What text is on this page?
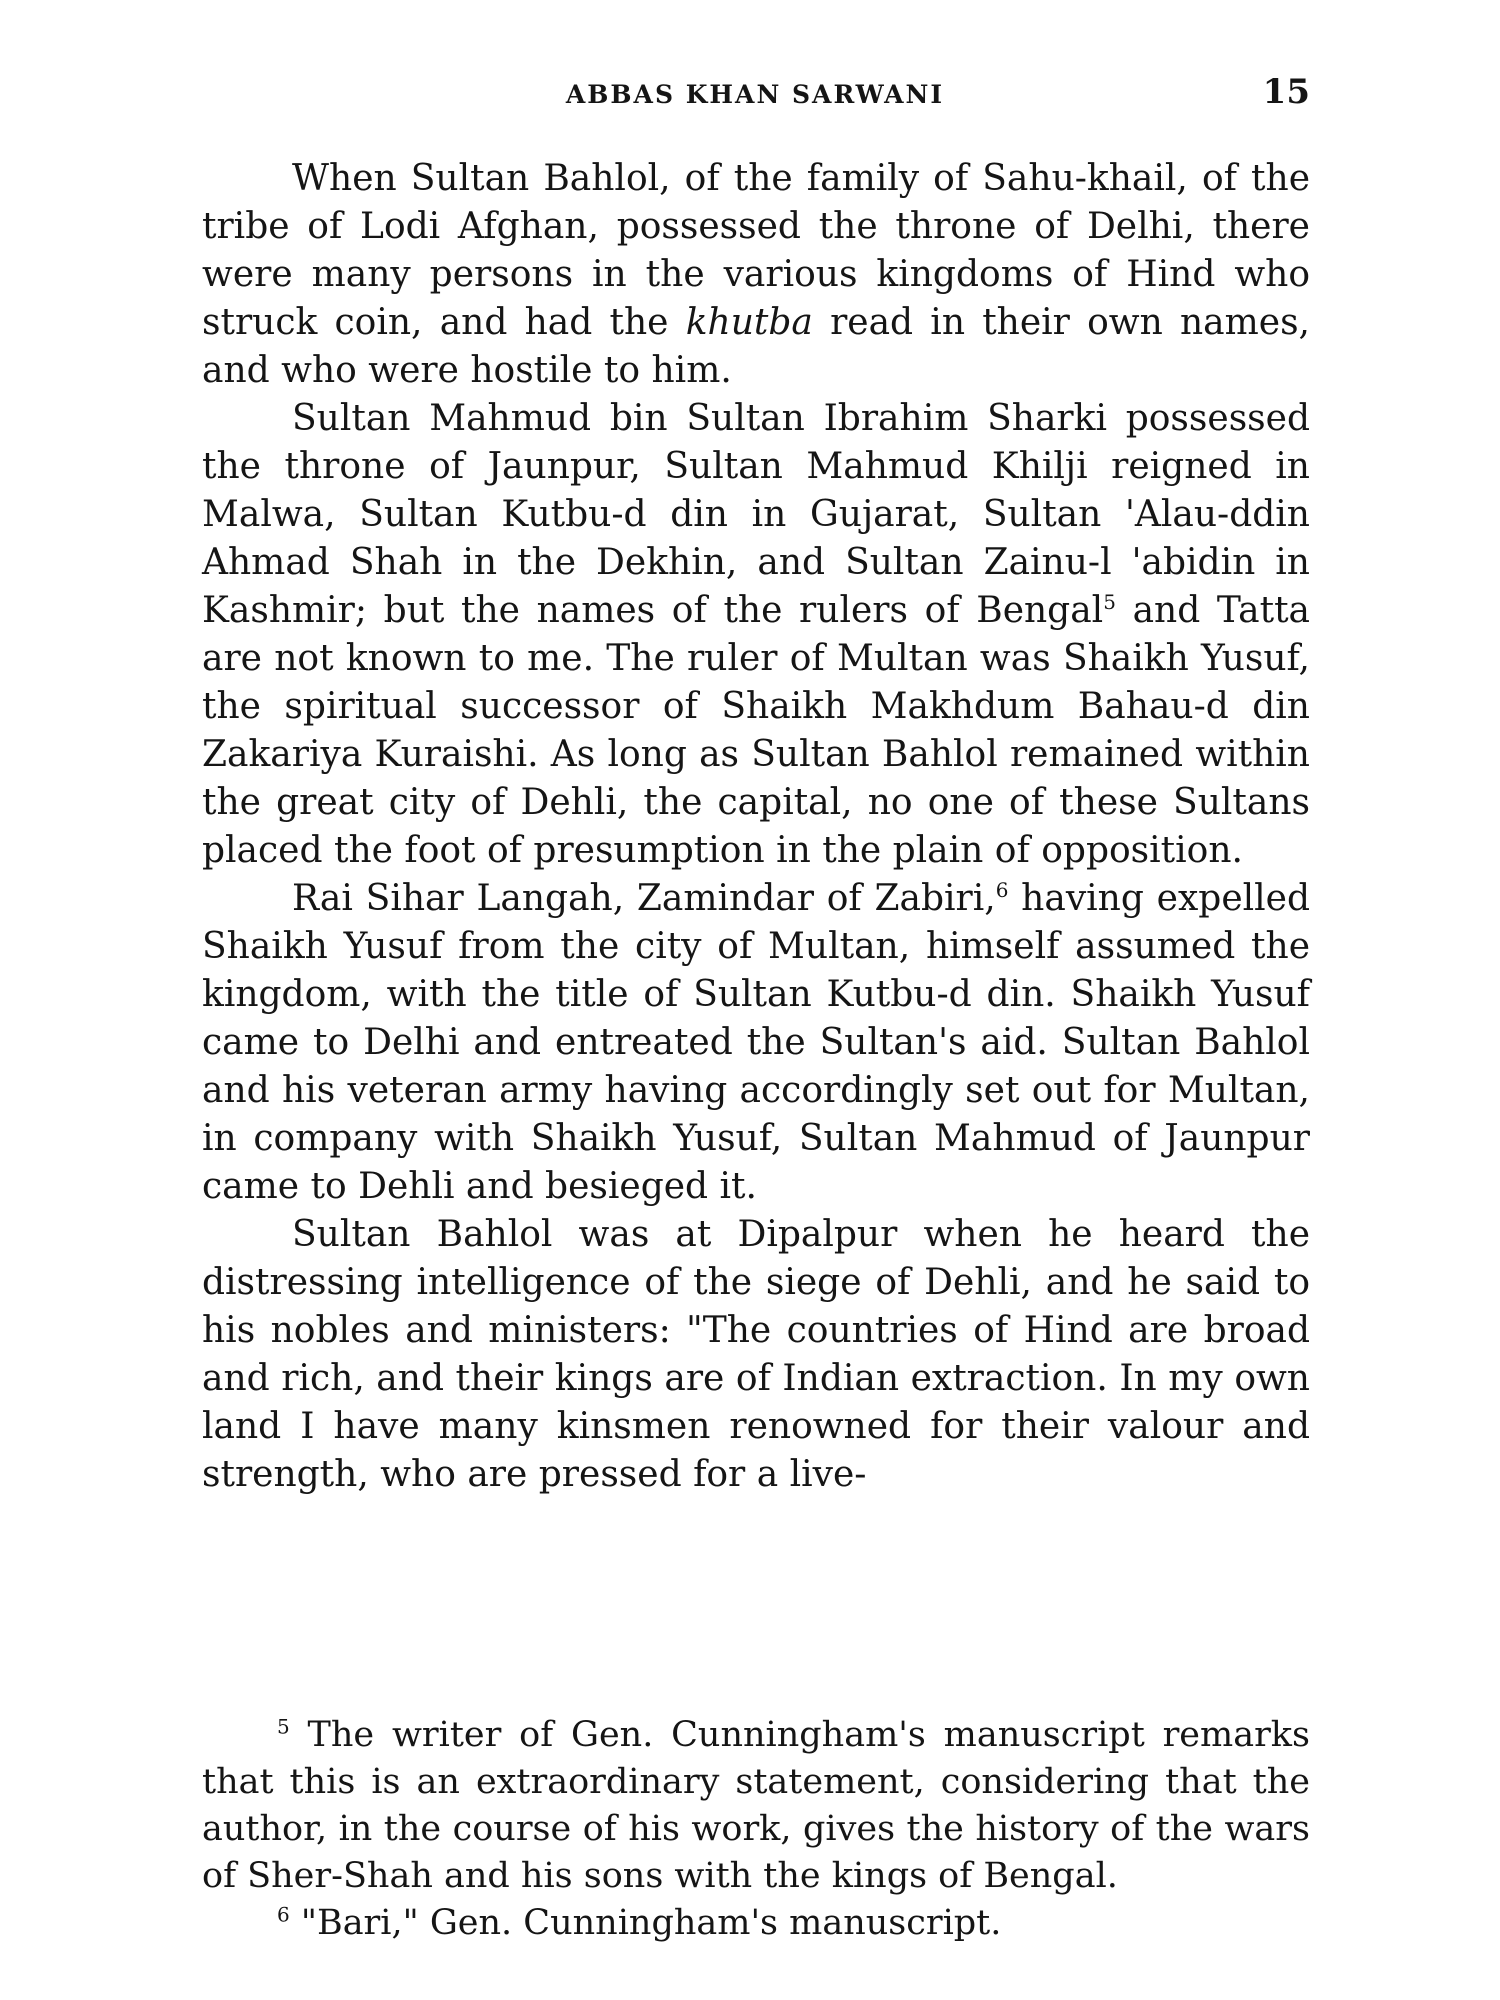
ABBAS KHAN SARWANI	15

When Sultan Bahlol, of the family of Sahu-khail, of the tribe of Lodi Afghan, possessed the throne of Delhi, there were many persons in the various kingdoms of Hind who struck coin, and had the khutba read in their own names, and who were hostile to him.

Sultan Mahmud bin Sultan Ibrahim Sharki possessed the throne of Jaunpur, Sultan Mahmud Khilji reigned in Malwa, Sultan Kutbu-d din in Gujarat, Sultan 'Alau-ddin Ahmad Shah in the Dekhin, and Sultan Zainu-l 'abidin in Kashmir; but the names of the rulers of Bengal$^5$ and Tatta are not known to me. The ruler of Multan was Shaikh Yusuf, the spiritual successor of Shaikh Makhdum Bahau-d din Zakariya Kuraishi. As long as Sultan Bahlol remained within the great city of Dehli, the capital, no one of these Sultans placed the foot of presumption in the plain of opposition.

Rai Sihar Langah, Zamindar of Zabiri,$^6$ having expelled Shaikh Yusuf from the city of Multan, himself assumed the kingdom, with the title of Sultan Kutbu-d din. Shaikh Yusuf came to Delhi and entreated the Sultan's aid. Sultan Bahlol and his veteran army having accordingly set out for Multan, in company with Shaikh Yusuf, Sultan Mahmud of Jaunpur came to Dehli and besieged it.

Sultan Bahlol was at Dipalpur when he heard the distressing intelligence of the siege of Dehli, and he said to his nobles and ministers: "The countries of Hind are broad and rich, and their kings are of Indian extraction. In my own land I have many kinsmen renowned for their valour and strength, who are pressed for a live-

$^5$ The writer of Gen. Cunningham's manuscript remarks that this is an extraordinary statement, considering that the author, in the course of his work, gives the history of the wars of Sher-Shah and his sons with the kings of Bengal.

$^6$ "Bari," Gen. Cunningham's manuscript.
